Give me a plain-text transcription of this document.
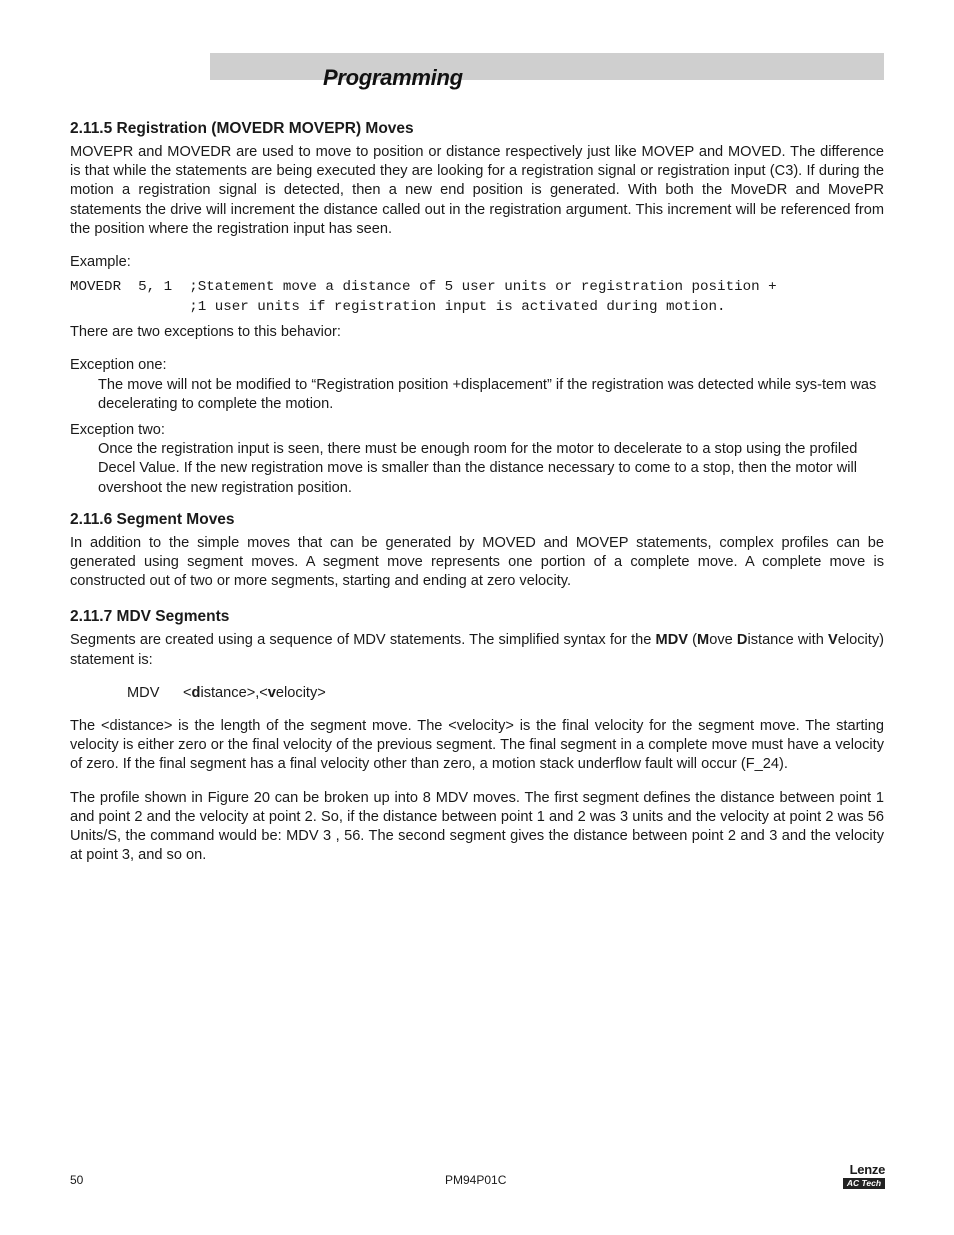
Programming
2.11.5 Registration (MOVEDR MOVEPR) Moves

MOVEPR and MOVEDR are used to move to position or distance respectively just like MOVEP and MOVED. The difference is that while the statements are being executed they are looking for a registration signal or registration input (C3). If during the motion a registration signal is detected, then a new end position is generated. With both the MoveDR and MovePR statements the drive will increment the distance called out in the registration argument. This increment will be referenced from the position where the registration input has seen.

Example:

MOVEDR  5, 1  ;Statement move a distance of 5 user units or registration position +

;1 user units if registration input is activated during motion.

There are two exceptions to this behavior:

Exception one:

The move will not be modified to “Registration position +displacement” if the registration was detected while sys-tem was decelerating to complete the motion.

Exception two:

Once the registration input is seen, there must be enough room for the motor to decelerate to a stop using the profiled Decel Value. If the new registration move is smaller than the distance necessary to come to a stop, then the motor will overshoot the new registration position.

2.11.6 Segment Moves

In addition to the simple moves that can be generated by MOVED and MOVEP statements, complex profiles can be generated using segment moves. A segment move represents one portion of a complete move. A complete move is constructed out of two or more segments, starting and ending at zero velocity.

2.11.7 MDV Segments

Segments are created using a sequence of MDV statements. The simplified syntax for the MDV (Move Distance with Velocity) statement is:

MDV <distance>,<velocity>

The <distance> is the length of the segment move. The <velocity> is the final velocity for the segment move. The starting velocity is either zero or the final velocity of the previous segment. The final segment in a complete move must have a velocity of zero. If the final segment has a final velocity other than zero, a motion stack underflow fault will occur (F_24).

The profile shown in Figure 20 can be broken up into 8 MDV moves. The first segment defines the distance between point 1 and point 2 and the velocity at point 2. So, if the distance between point 1 and 2 was 3 units and the velocity at point 2 was 56 Units/S, the command would be: MDV 3 , 56. The second segment gives the distance between point 2 and 3 and the velocity at point 3, and so on.

50	PM94P01C
Lenze
AC Tech
